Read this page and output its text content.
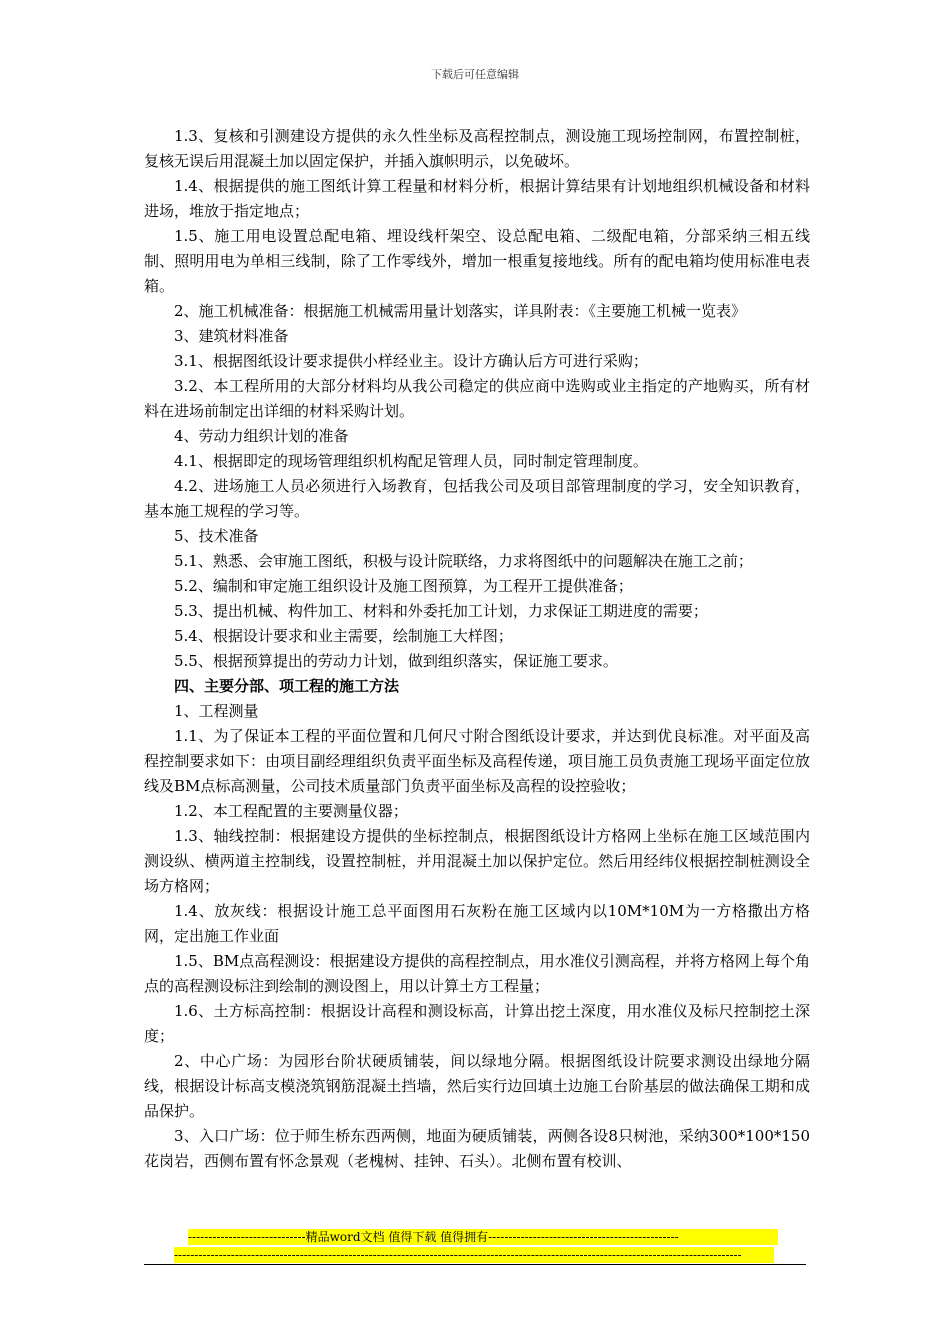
下载后可任意编辑

1.3、复核和引测建设方提供的永久性坐标及高程控制点，测设施工现场控制网，布置控制桩，复核无误后用混凝土加以固定保护，并插入旗帜明示，以免破坏。

1.4、根据提供的施工图纸计算工程量和材料分析，根据计算结果有计划地组织机械设备和材料进场，堆放于指定地点；

1.5、施工用电设置总配电箱、埋设线杆架空、设总配电箱、二级配电箱，分部采纳三相五线制、照明用电为单相三线制，除了工作零线外，增加一根重复接地线。所有的配电箱均使用标准电表箱。

2、施工机械准备：根据施工机械需用量计划落实，详具附表：《主要施工机械一览表》

3、建筑材料准备

3.1、根据图纸设计要求提供小样经业主。设计方确认后方可进行采购；

3.2、本工程所用的大部分材料均从我公司稳定的供应商中选购或业主指定的产地购买，所有材料在进场前制定出详细的材料采购计划。

4、劳动力组织计划的准备

4.1、根据即定的现场管理组织机构配足管理人员，同时制定管理制度。

4.2、进场施工人员必须进行入场教育，包括我公司及项目部管理制度的学习，安全知识教育，基本施工规程的学习等。

5、技术准备

5.1、熟悉、会审施工图纸，积极与设计院联络，力求将图纸中的问题解决在施工之前；

5.2、编制和审定施工组织设计及施工图预算，为工程开工提供准备；

5.3、提出机械、构件加工、材料和外委托加工计划，力求保证工期进度的需要；

5.4、根据设计要求和业主需要，绘制施工大样图；

5.5、根据预算提出的劳动力计划，做到组织落实，保证施工要求。

四、主要分部、项工程的施工方法

1、工程测量

1.1、为了保证本工程的平面位置和几何尺寸附合图纸设计要求，并达到优良标准。对平面及高程控制要求如下：由项目副经理组织负责平面坐标及高程传递，项目施工员负责施工现场平面定位放线及BM点标高测量，公司技术质量部门负责平面坐标及高程的设控验收；

1.2、本工程配置的主要测量仪器；

1.3、轴线控制：根据建设方提供的坐标控制点，根据图纸设计方格网上坐标在施工区域范围内测设纵、横两道主控制线，设置控制桩，并用混凝土加以保护定位。然后用经纬仪根据控制桩测设全场方格网；

1.4、放灰线：根据设计施工总平面图用石灰粉在施工区域内以10M*10M为一方格撒出方格网，定出施工作业面

1.5、BM点高程测设：根据建设方提供的高程控制点，用水准仪引测高程，并将方格网上每个角点的高程测设标注到绘制的测设图上，用以计算土方工程量；

1.6、土方标高控制：根据设计高程和测设标高，计算出挖土深度，用水准仪及标尺控制挖土深度；

2、中心广场：为园形台阶状硬质铺装，间以绿地分隔。根据图纸设计院要求测设出绿地分隔线，根据设计标高支模浇筑钢筋混凝土挡墙，然后实行边回填土边施工台阶基层的做法确保工期和成品保护。

3、入口广场：位于师生桥东西两侧，地面为硬质铺装，两侧各设8只树池，采纳300*100*150花岗岩，西侧布置有怀念景观（老槐树、挂钟、石头）。北侧布置有校训、

-----------------------------精品word文档 值得下载 值得拥有-----------------------------------------------
--------------------------------------------------------------------------------------------------------------------------------------------
